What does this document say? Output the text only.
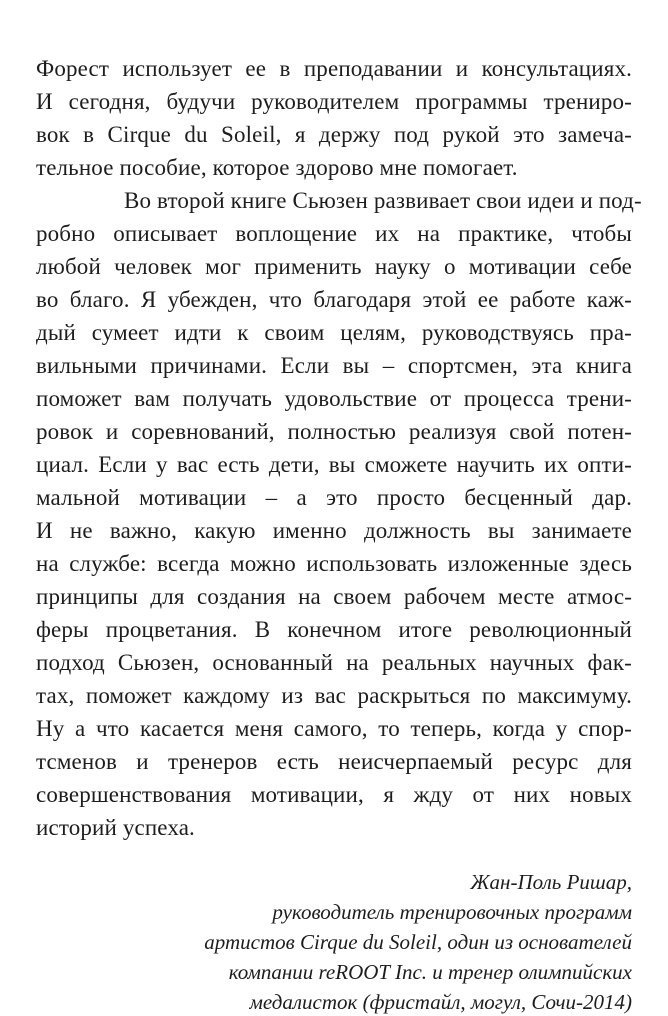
Форест использует ее в преподавании и консультациях.
И сегодня, будучи руководителем программы трениро-
вок в Cirque du Soleil, я держу под рукой это замеча-
тельное пособие, которое здорово мне помогает.
Во второй книге Сьюзен развивает свои идеи и под-
робно описывает воплощение их на практике, чтобы
любой человек мог применить науку о мотивации себе
во благо. Я убежден, что благодаря этой ее работе каж-
дый сумеет идти к своим целям, руководствуясь пра-
вильными причинами. Если вы – спортсмен, эта книга
поможет вам получать удовольствие от процесса трени-
ровок и соревнований, полностью реализуя свой потен-
циал. Если у вас есть дети, вы сможете научить их опти-
мальной мотивации – а это просто бесценный дар.
И не важно, какую именно должность вы занимаете
на службе: всегда можно использовать изложенные здесь
принципы для создания на своем рабочем месте атмос-
феры процветания. В конечном итоге революционный
подход Сьюзен, основанный на реальных научных фак-
тах, поможет каждому из вас раскрыться по максимуму.
Ну а что касается меня самого, то теперь, когда у спор-
тсменов и тренеров есть неисчерпаемый ресурс для
совершенствования мотивации, я жду от них новых
историй успеха.
Жан-Поль Ришар,
руководитель тренировочных программ
артистов Cirque du Soleil, один из основателей
компании reROOT Inc. и тренер олимпийских
медалисток (фристайл, могул, Сочи-2014)
